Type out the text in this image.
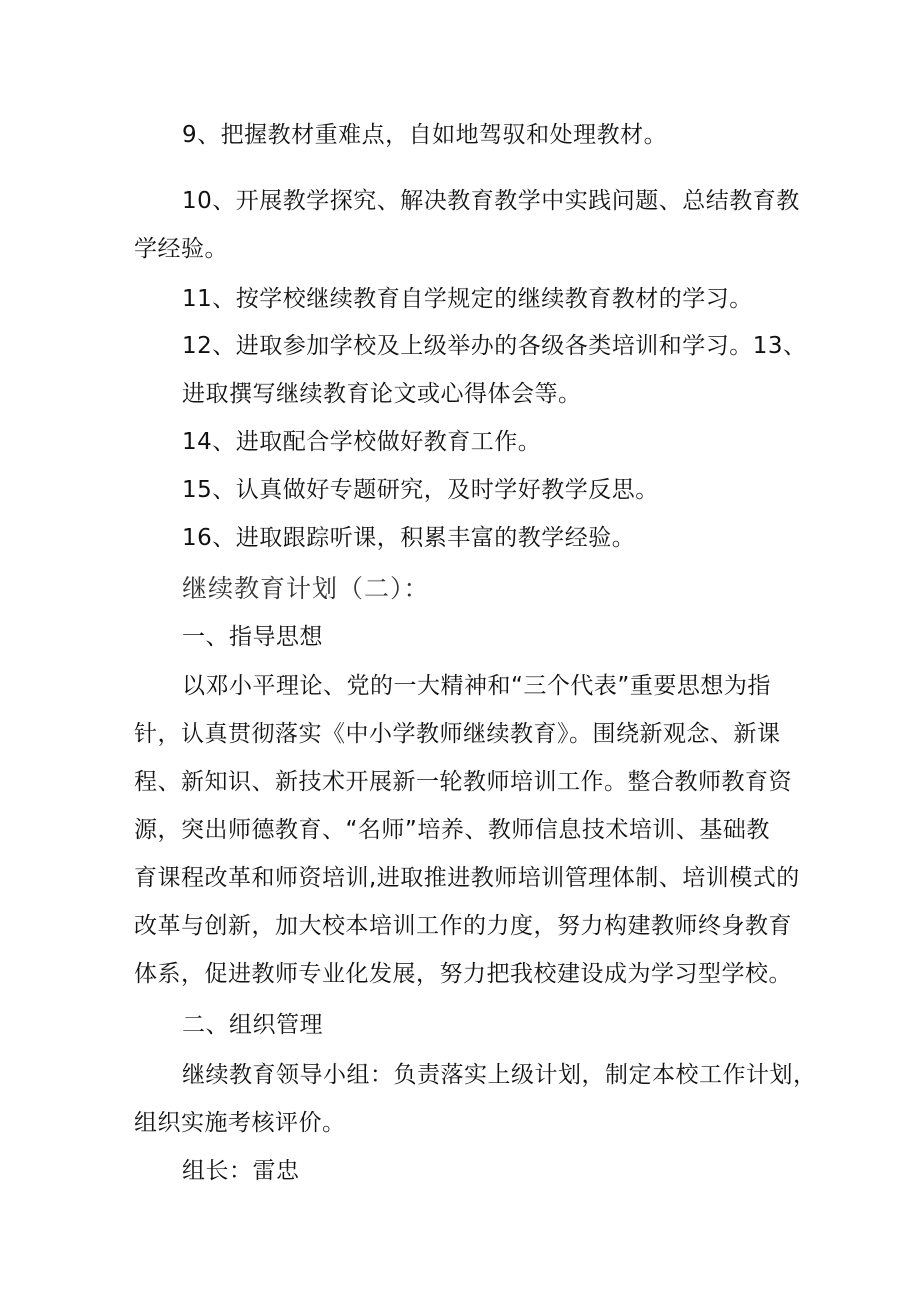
9、把握教材重难点，自如地驾驭和处理教材。
10、开展教学探究、解决教育教学中实践问题、总结教育教
学经验。
11、按学校继续教育自学规定的继续教育教材的学习。
12、进取参加学校及上级举办的各级各类培训和学习。13、
进取撰写继续教育论文或心得体会等。
14、进取配合学校做好教育工作。
15、认真做好专题研究，及时学好教学反思。
16、进取跟踪听课，积累丰富的教学经验。
继续教育计划（二）：
一、指导思想
以邓小平理论、党的一大精神和“三个代表”重要思想为指
针，认真贯彻落实《中小学教师继续教育》。围绕新观念、新课
程、新知识、新技术开展新一轮教师培训工作。整合教师教育资
源，突出师德教育、“名师”培养、教师信息技术培训、基础教
育课程改革和师资培训,进取推进教师培训管理体制、培训模式的
改革与创新，加大校本培训工作的力度，努力构建教师终身教育
体系，促进教师专业化发展，努力把我校建设成为学习型学校。
二、组织管理
继续教育领导小组：负责落实上级计划，制定本校工作计划，
组织实施考核评价。
组长：雷忠
